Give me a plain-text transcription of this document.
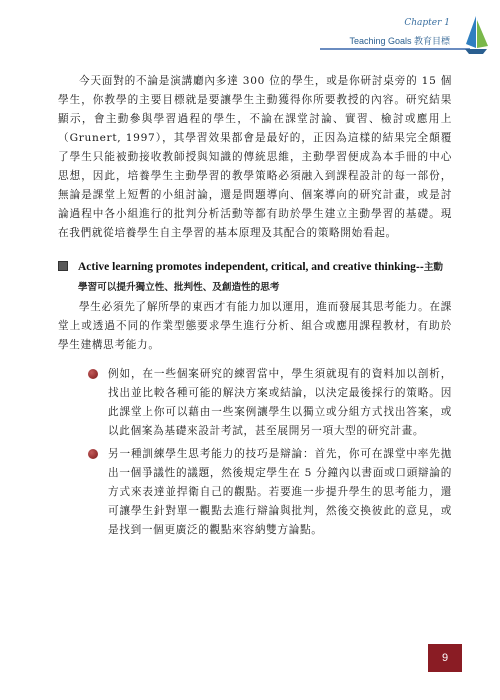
Chapter 1
Teaching Goals 教育目標

今天面對的不論是演講廳內多達 300 位的學生，或是你研討桌旁的 15 個學生，你教學的主要目標就是要讓學生主動獲得你所要教授的內容。研究結果顯示，會主動參與學習過程的學生，不論在課堂討論、實習、檢討或應用上（Grunert, 1997），其學習效果都會是最好的，正因為這樣的結果完全顛覆了學生只能被動接收教師授與知識的傳統思維，主動學習便成為本手冊的中心思想，因此，培養學生主動學習的教學策略必須融入到課程設計的每一部份，無論是課堂上短暫的小組討論，還是問題導向、個案導向的研究計畫，或是討論過程中各小組進行的批判分析活動等都有助於學生建立主動學習的基礎。現在我們就從培養學生自主學習的基本原理及其配合的策略開始看起。

Active learning promotes independent, critical, and creative thinking--主動學習可以提升獨立性、批判性、及創造性的思考

學生必須先了解所學的東西才有能力加以運用，進而發展其思考能力。在課堂上或透過不同的作業型態要求學生進行分析、組合或應用課程教材，有助於學生建構思考能力。

例如，在一些個案研究的練習當中，學生須就現有的資料加以剖析，找出並比較各種可能的解決方案或結論，以決定最後採行的策略。因此課堂上你可以藉由一些案例讓學生以獨立或分組方式找出答案，或以此個案為基礎來設計考試，甚至展開另一項大型的研究計畫。

另一種訓練學生思考能力的技巧是辯論：首先，你可在課堂中率先拋出一個爭議性的議題，然後規定學生在 5 分鐘內以書面或口頭辯論的方式來表達並捍衛自己的觀點。若要進一步提升學生的思考能力，還可讓學生針對單一觀點去進行辯論與批判，然後交換彼此的意見，或是找到一個更廣泛的觀點來容納雙方論點。

9
